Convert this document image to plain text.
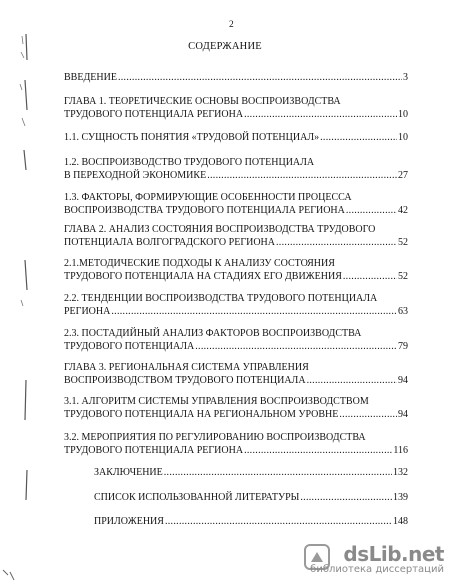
2
СОДЕРЖАНИЕ
ВВЕДЕНИЕ .....	3
ГЛАВА 1. ТЕОРЕТИЧЕСКИЕ ОСНОВЫ ВОСПРОИЗВОДСТВА
ТРУДОВОГО ПОТЕНЦИАЛА РЕГИОНА .....	10
1.1. СУЩНОСТЬ ПОНЯТИЯ «ТРУДОВОЙ ПОТЕНЦИАЛ» .....	10
1.2. ВОСПРОИЗВОДСТВО ТРУДОВОГО ПОТЕНЦИАЛА
В ПЕРЕХОДНОЙ ЭКОНОМИКЕ .....	27
1.3. ФАКТОРЫ, ФОРМИРУЮЩИЕ ОСОБЕННОСТИ ПРОЦЕССА
ВОСПРОИЗВОДСТВА ТРУДОВОГО ПОТЕНЦИАЛА РЕГИОНА .....	42
ГЛАВА 2. АНАЛИЗ СОСТОЯНИЯ ВОСПРОИЗВОДСТВА ТРУДОВОГО
ПОТЕНЦИАЛА ВОЛГОГРАДСКОГО РЕГИОНА .....	52
2.1.МЕТОДИЧЕСКИЕ ПОДХОДЫ К АНАЛИЗУ СОСТОЯНИЯ
ТРУДОВОГО ПОТЕНЦИАЛА НА СТАДИЯХ ЕГО ДВИЖЕНИЯ .....	52
2.2. ТЕНДЕНЦИИ ВОСПРОИЗВОДСТВА ТРУДОВОГО ПОТЕНЦИАЛА
РЕГИОНА .....	63
2.3. ПОСТАДИЙНЫЙ АНАЛИЗ ФАКТОРОВ ВОСПРОИЗВОДСТВА
ТРУДОВОГО ПОТЕНЦИАЛА .....	79
ГЛАВА 3. РЕГИОНАЛЬНАЯ СИСТЕМА УПРАВЛЕНИЯ
ВОСПРОИЗВОДСТВОМ ТРУДОВОГО ПОТЕНЦИАЛА .....	94
3.1. АЛГОРИТМ СИСТЕМЫ УПРАВЛЕНИЯ ВОСПРОИЗВОДСТВОМ
ТРУДОВОГО ПОТЕНЦИАЛА НА РЕГИОНАЛЬНОМ УРОВНЕ .....	94
3.2. МЕРОПРИЯТИЯ ПО РЕГУЛИРОВАНИЮ ВОСПРОИЗВОДСТВА
ТРУДОВОГО ПОТЕНЦИАЛА РЕГИОНА .....	116
ЗАКЛЮЧЕНИЕ .....	132
СПИСОК ИСПОЛЬЗОВАННОЙ ЛИТЕРАТУРЫ .....	139
ПРИЛОЖЕНИЯ .....	148
dsLib.net
библиотека диссертаций
